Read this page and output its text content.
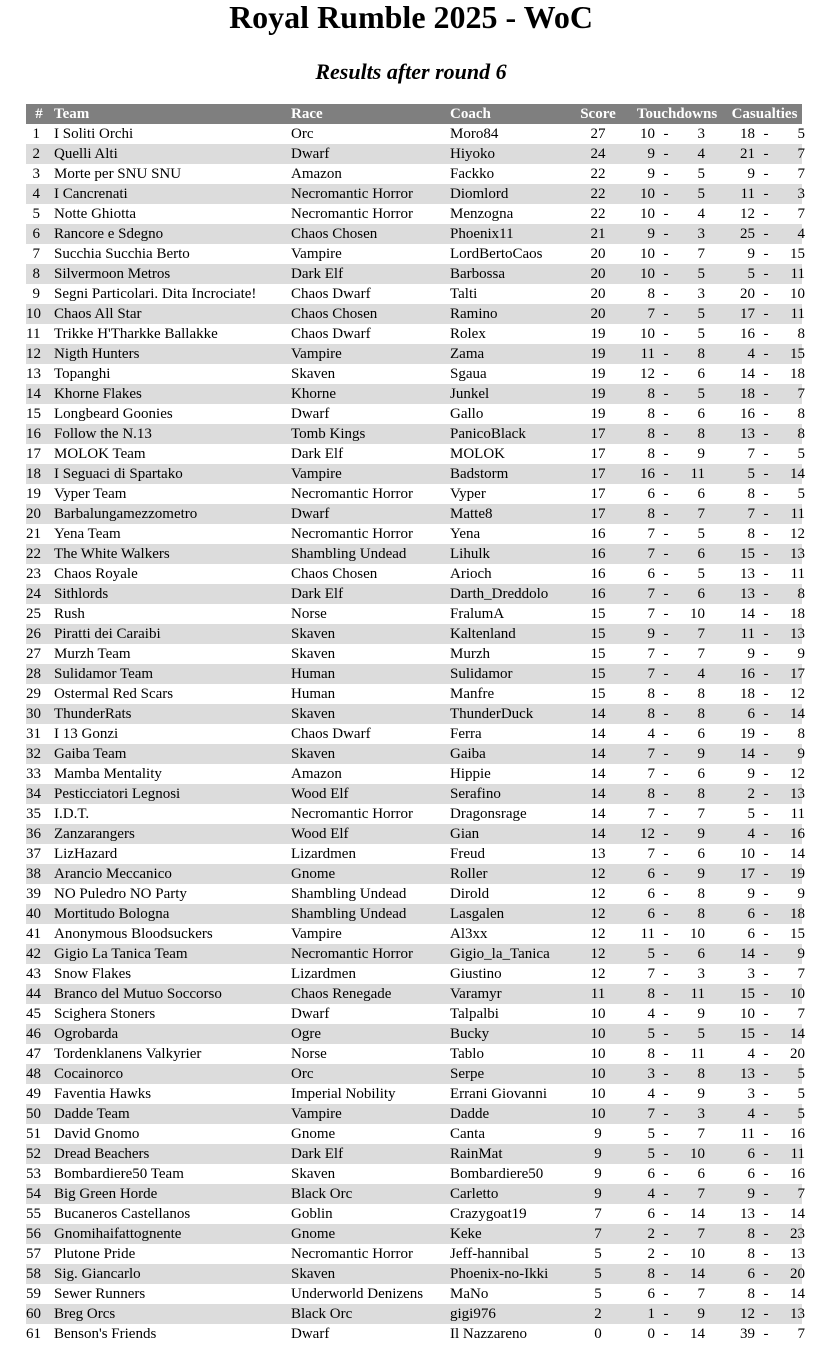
Royal Rumble 2025 - WoC
Results after round 6
#	Team	Race	Coach	Score	Touchdowns	Casualties
1	I Soliti Orchi	Orc	Moro84	27	10 - 3	18 - 5
2	Quelli Alti	Dwarf	Hiyoko	24	9 - 4	21 - 7
3	Morte per SNU SNU	Amazon	Fackko	22	9 - 5	9 - 7
4	I Cancrenati	Necromantic Horror	Diomlord	22	10 - 5	11 - 3
5	Notte Ghiotta	Necromantic Horror	Menzogna	22	10 - 4	12 - 7
6	Rancore e Sdegno	Chaos Chosen	Phoenix11	21	9 - 3	25 - 4
7	Succhia Succhia Berto	Vampire	LordBertoCaos	20	10 - 7	9 - 15
8	Silvermoon Metros	Dark Elf	Barbossa	20	10 - 5	5 - 11
9	Segni Particolari. Dita Incrociate!	Chaos Dwarf	Talti	20	8 - 3	20 - 10
10	Chaos All Star	Chaos Chosen	Ramino	20	7 - 5	17 - 11
11	Trikke H'Tharkke Ballakke	Chaos Dwarf	Rolex	19	10 - 5	16 - 8
12	Nigth Hunters	Vampire	Zama	19	11 - 8	4 - 15
13	Topanghi	Skaven	Sgaua	19	12 - 6	14 - 18
14	Khorne Flakes	Khorne	Junkel	19	8 - 5	18 - 7
15	Longbeard Goonies	Dwarf	Gallo	19	8 - 6	16 - 8
16	Follow the N.13	Tomb Kings	PanicoBlack	17	8 - 8	13 - 8
17	MOLOK Team	Dark Elf	MOLOK	17	8 - 9	7 - 5
18	I Seguaci di Spartako	Vampire	Badstorm	17	16 - 11	5 - 14
19	Vyper Team	Necromantic Horror	Vyper	17	6 - 6	8 - 5
20	Barbalungamezzometro	Dwarf	Matte8	17	8 - 7	7 - 11
21	Yena Team	Necromantic Horror	Yena	16	7 - 5	8 - 12
22	The White Walkers	Shambling Undead	Lihulk	16	7 - 6	15 - 13
23	Chaos Royale	Chaos Chosen	Arioch	16	6 - 5	13 - 11
24	Sithlords	Dark Elf	Darth_Dreddolo	16	7 - 6	13 - 8
25	Rush	Norse	FralumA	15	7 - 10	14 - 18
26	Piratti dei Caraibi	Skaven	Kaltenland	15	9 - 7	11 - 13
27	Murzh Team	Skaven	Murzh	15	7 - 7	9 - 9
28	Sulidamor Team	Human	Sulidamor	15	7 - 4	16 - 17
29	Ostermal Red Scars	Human	Manfre	15	8 - 8	18 - 12
30	ThunderRats	Skaven	ThunderDuck	14	8 - 8	6 - 14
31	I 13 Gonzi	Chaos Dwarf	Ferra	14	4 - 6	19 - 8
32	Gaiba Team	Skaven	Gaiba	14	7 - 9	14 - 9
33	Mamba Mentality	Amazon	Hippie	14	7 - 6	9 - 12
34	Pesticciatori Legnosi	Wood Elf	Serafino	14	8 - 8	2 - 13
35	I.D.T.	Necromantic Horror	Dragonsrage	14	7 - 7	5 - 11
36	Zanzarangers	Wood Elf	Gian	14	12 - 9	4 - 16
37	LizHazard	Lizardmen	Freud	13	7 - 6	10 - 14
38	Arancio Meccanico	Gnome	Roller	12	6 - 9	17 - 19
39	NO Puledro NO Party	Shambling Undead	Dirold	12	6 - 8	9 - 9
40	Mortitudo Bologna	Shambling Undead	Lasgalen	12	6 - 8	6 - 18
41	Anonymous Bloodsuckers	Vampire	Al3xx	12	11 - 10	6 - 15
42	Gigio La Tanica Team	Necromantic Horror	Gigio_la_Tanica	12	5 - 6	14 - 9
43	Snow Flakes	Lizardmen	Giustino	12	7 - 3	3 - 7
44	Branco del Mutuo Soccorso	Chaos Renegade	Varamyr	11	8 - 11	15 - 10
45	Scighera Stoners	Dwarf	Talpalbi	10	4 - 9	10 - 7
46	Ogrobarda	Ogre	Bucky	10	5 - 5	15 - 14
47	Tordenklanens Valkyrier	Norse	Tablo	10	8 - 11	4 - 20
48	Cocainorco	Orc	Serpe	10	3 - 8	13 - 5
49	Faventia Hawks	Imperial Nobility	Errani Giovanni	10	4 - 9	3 - 5
50	Dadde Team	Vampire	Dadde	10	7 - 3	4 - 5
51	David Gnomo	Gnome	Canta	9	5 - 7	11 - 16
52	Dread Beachers	Dark Elf	RainMat	9	5 - 10	6 - 11
53	Bombardiere50 Team	Skaven	Bombardiere50	9	6 - 6	6 - 16
54	Big Green Horde	Black Orc	Carletto	9	4 - 7	9 - 7
55	Bucaneros Castellanos	Goblin	Crazygoat19	7	6 - 14	13 - 14
56	Gnomihaifattognente	Gnome	Keke	7	2 - 7	8 - 23
57	Plutone Pride	Necromantic Horror	Jeff-hannibal	5	2 - 10	8 - 13
58	Sig. Giancarlo	Skaven	Phoenix-no-Ikki	5	8 - 14	6 - 20
59	Sewer Runners	Underworld Denizens	MaNo	5	6 - 7	8 - 14
60	Breg Orcs	Black Orc	gigi976	2	1 - 9	12 - 13
61	Benson's Friends	Dwarf	Il Nazzareno	0	0 - 14	39 - 7
